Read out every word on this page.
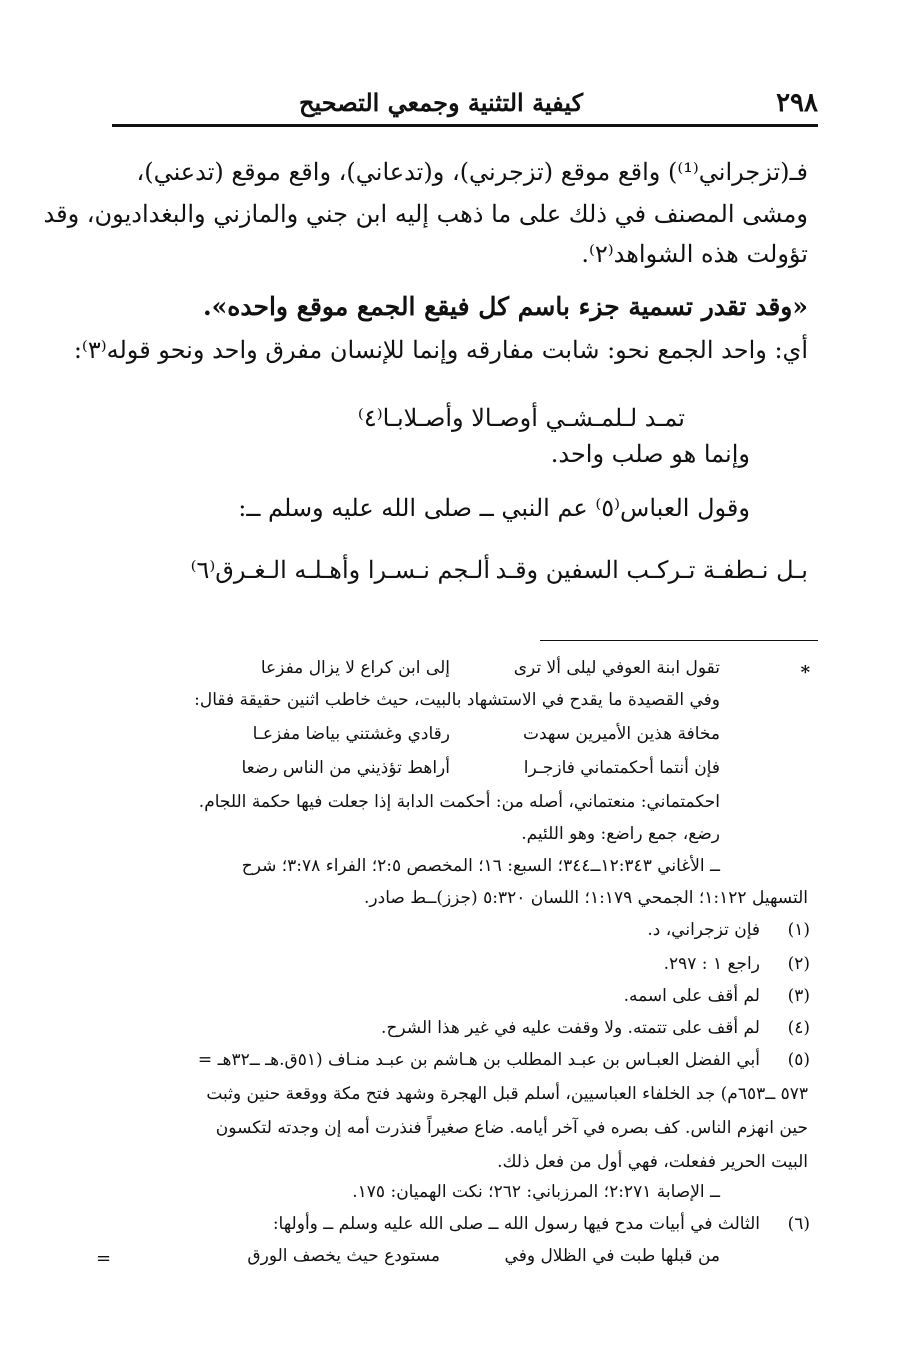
٢٩٨
كيفية التثنية وجمعي التصحيح
فـ(تزجراني⁽¹⁾) واقع موقع (تزجرني)، و(تدعاني)، واقع موقع (تدعني)،
ومشى المصنف في ذلك على ما ذهب إليه ابن جني والمازني والبغداديون، وقد
تؤولت هذه الشواهد⁽٢⁾.
«وقد تقدر تسمية جزء باسم كل فيقع الجمع موقع واحده».
أي: واحد الجمع نحو: شابت مفارقه وإنما للإنسان مفرق واحد ونحو قوله⁽٣⁾:
تمـد لـلمـشـي أوصـالا وأصـلابـا⁽٤⁾
وإنما هو صلب واحد.
وقول العباس⁽٥⁾ عم النبي ــ صلى الله عليه وسلم ــ:
بـل نـطفـة تـركـب السفين وقـد
ألـجم نـسـرا وأهـلـه الـغـرق⁽٦⁾
*
تقول ابنة العوفي ليلى ألا ترى
إلى ابن كراع لا يزال مفزعا
وفي القصيدة ما يقدح في الاستشهاد بالبيت، حيث خاطب اثنين حقيقة فقال:
مخافة هذين الأميرين سهدت
رقادي وغشتني بياضا مفزعـا
فإن أنتما أحكمتماني فازجـرا
أراهط تؤذيني من الناس رضعا
احكمتماني: منعتماني، أصله من: أحكمت الدابة إذا جعلت فيها حكمة اللجام.
رضع، جمع راضع: وهو اللئيم.
ــ الأغاني ١٢:٣٤٣ــ٣٤٤؛ السبع: ١٦؛ المخصص ٢:٥؛ الفراء ٣:٧٨؛ شرح
التسهيل ١:١٢٢؛ الجمحي ١:١٧٩؛ اللسان ٥:٣٢٠ (جزز)ــط صادر.
(١)
فإن تزجراني، د.
(٢)
راجع ١ : ٢٩٧.
(٣)
لم أقف على اسمه.
(٤)
لم أقف على تتمته. ولا وقفت عليه في غير هذا الشرح.
(٥)
أبي الفضل العبـاس بن عبـد المطلب بن هـاشم بن عبـد منـاف (٥١ق.هـ ــ٣٢هـ =
٥٧٣ ــ٦٥٣م) جد الخلفاء العباسيين، أسلم قبل الهجرة وشهد فتح مكة ووقعة حنين وثبت
حين انهزم الناس. كف بصره في آخر أيامه. ضاع صغيراً فنذرت أمه إن وجدته لتكسون
البيت الحرير ففعلت، فهي أول من فعل ذلك.
ــ الإصابة ٢:٢٧١؛ المرزباني: ٢٦٢؛ نكت الهميان: ١٧٥.
(٦)
الثالث في أبيات مدح فيها رسول الله ــ صلى الله عليه وسلم ــ وأولها:
من قبلها طبت في الظلال وفي
مستودع حيث يخصف الورق
=
